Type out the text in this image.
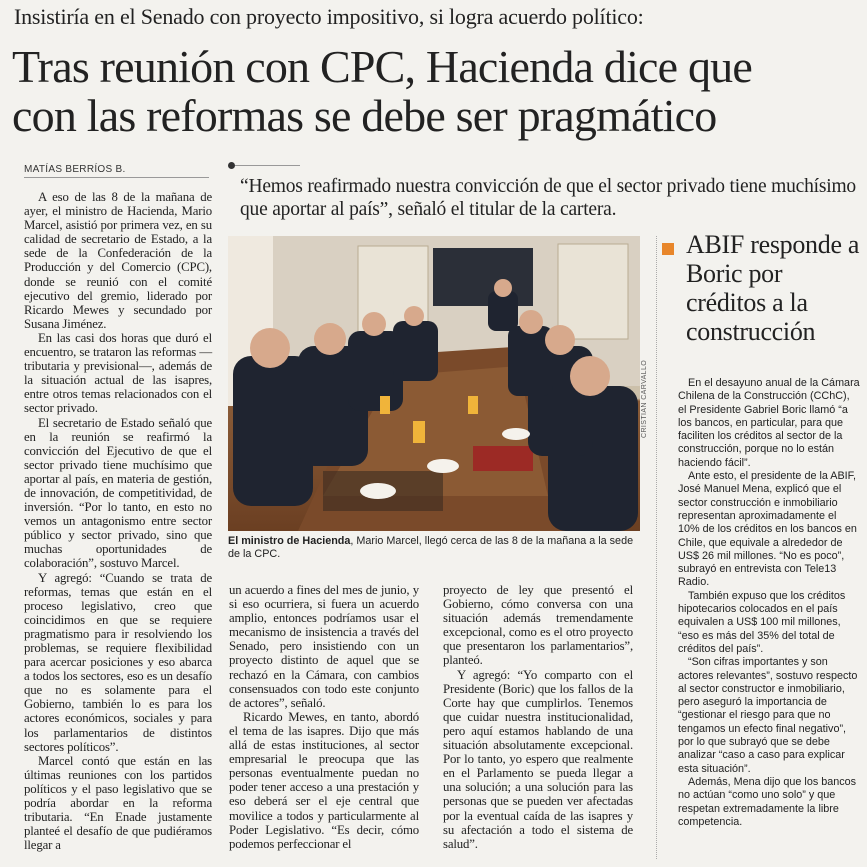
Insistiría en el Senado con proyecto impositivo, si logra acuerdo político:
Tras reunión con CPC, Hacienda dice que
con las reformas se debe ser pragmático
MATÍAS BERRÍOS B.
“Hemos reafirmado nuestra convicción de que el sector privado tiene muchísimo que aportar al país”, señaló el titular de la cartera.

A eso de las 8 de la mañana de ayer, el ministro de Hacienda, Mario Marcel, asistió por primera vez, en su calidad de secretario de Estado, a la sede de la Confederación de la Producción y del Comercio (CPC), donde se reunió con el comité ejecutivo del gremio, liderado por Ricardo Mewes y secundado por Susana Jiménez.

En las casi dos horas que duró el encuentro, se trataron las reformas —tributaria y previsional—, además de la situación actual de las isapres, entre otros temas relacionados con el sector privado.

El secretario de Estado señaló que en la reunión se reafirmó la convicción del Ejecutivo de que el sector privado tiene muchísimo que aportar al país, en materia de gestión, de innovación, de competitividad, de inversión. “Por lo tanto, en esto no vemos un antagonismo entre sector público y sector privado, sino que muchas oportunidades de colaboración”, sostuvo Marcel.

Y agregó: “Cuando se trata de reformas, temas que están en el proceso legislativo, creo que coincidimos en que se requiere pragmatismo para ir resolviendo los problemas, se requiere flexibilidad para acercar posiciones y eso abarca a todos los sectores, eso es un desafío que no es solamente para el Gobierno, también lo es para los actores económicos, sociales y para los parlamentarios de distintos sectores políticos”.

Marcel contó que están en las últimas reuniones con los partidos políticos y el paso legislativo que se podría abordar en la reforma tributaria. “En Enade justamente planteé el desafío de que pudiéramos llegar a

CRISTIAN CARVALLO
El ministro de Hacienda, Mario Marcel, llegó cerca de las 8 de la mañana a la sede de la CPC.

un acuerdo a fines del mes de junio, y si eso ocurriera, si fuera un acuerdo amplio, entonces podríamos usar el mecanismo de insistencia a través del Senado, pero insistiendo con un proyecto distinto de aquel que se rechazó en la Cámara, con cambios consensuados con todo este conjunto de actores”, señaló.

Ricardo Mewes, en tanto, abordó el tema de las isapres. Dijo que más allá de estas instituciones, al sector empresarial le preocupa que las personas eventualmente puedan no poder tener acceso a una prestación y eso deberá ser el eje central que movilice a todos y particularmente al Poder Legislativo. “Es decir, cómo podemos perfeccionar el

proyecto de ley que presentó el Gobierno, cómo conversa con una situación además tremendamente excepcional, como es el otro proyecto que presentaron los parlamentarios”, planteó.

Y agregó: “Yo comparto con el Presidente (Boric) que los fallos de la Corte hay que cumplirlos. Tenemos que cuidar nuestra institucionalidad, pero aquí estamos hablando de una situación absolutamente excepcional. Por lo tanto, yo espero que realmente en el Parlamento se pueda llegar a una solución; a una solución para las personas que se pueden ver afectadas por la eventual caída de las isapres y su afectación a todo el sistema de salud”.

ABIF responde a Boric por créditos a la construcción

En el desayuno anual de la Cámara Chilena de la Construcción (CChC), el Presidente Gabriel Boric llamó “a los bancos, en particular, para que faciliten los créditos al sector de la construcción, porque no lo están haciendo fácil”.

Ante esto, el presidente de la ABIF, José Manuel Mena, explicó que el sector construcción e inmobiliario representan aproximadamente el 10% de los créditos en los bancos en Chile, que equivale a alrededor de US$ 26 mil millones. “No es poco”, subrayó en entrevista con Tele13 Radio.

También expuso que los créditos hipotecarios colocados en el país equivalen a US$ 100 mil millones, “eso es más del 35% del total de créditos del país”.

“Son cifras importantes y son actores relevantes”, sostuvo respecto al sector constructor e inmobiliario, pero aseguró la importancia de “gestionar el riesgo para que no tengamos un efecto final negativo”, por lo que subrayó que se debe analizar “caso a caso para explicar esta situación”.

Además, Mena dijo que los bancos no actúan “como uno solo” y que respetan extremadamente la libre competencia.
